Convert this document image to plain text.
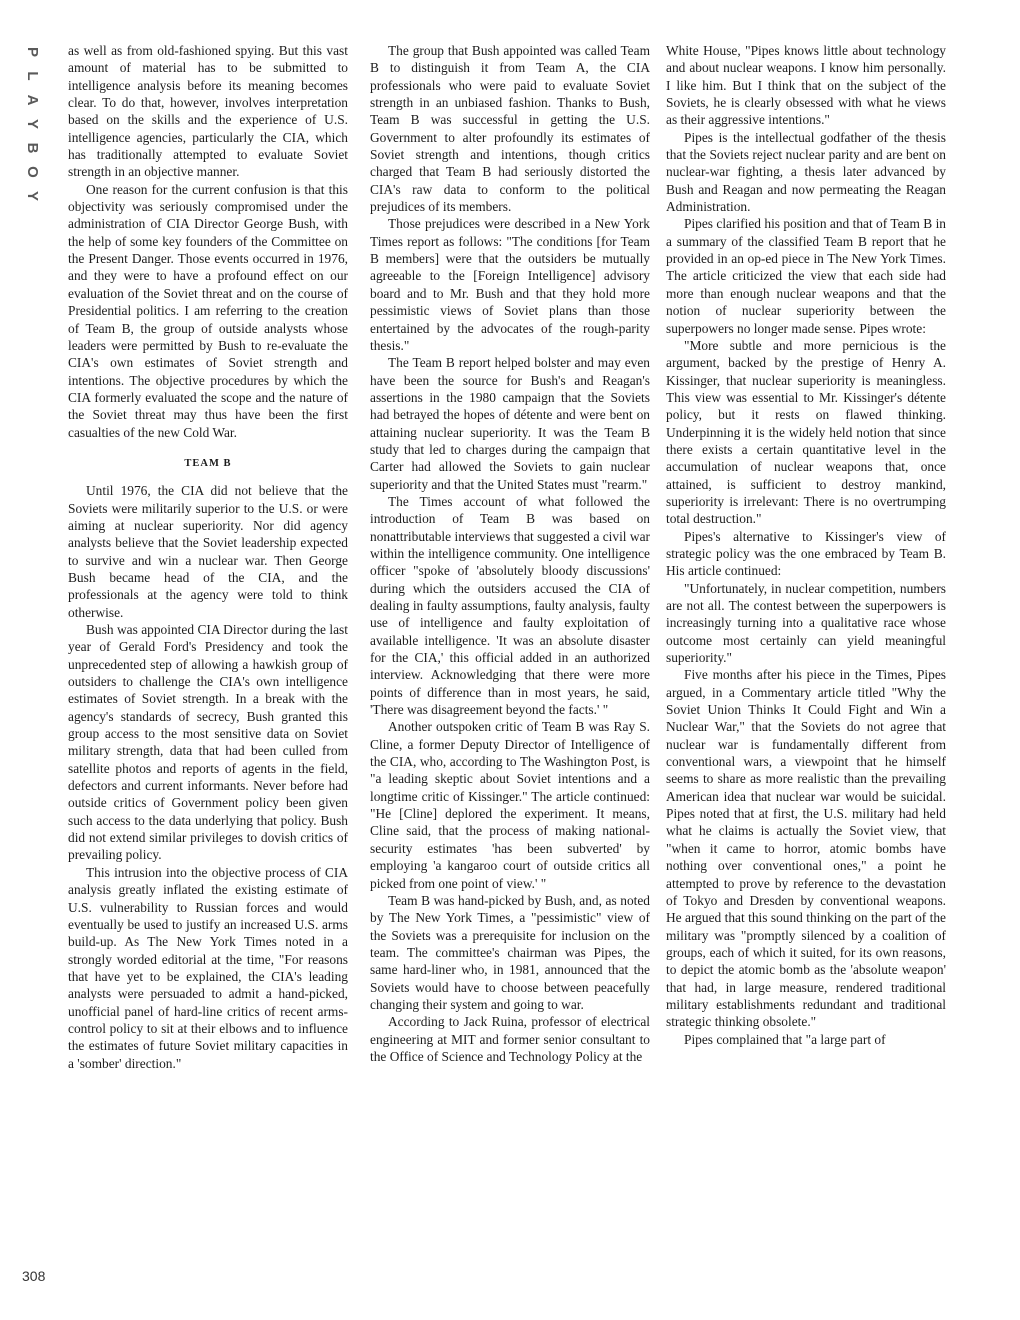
P
L
A
Y
B
O
Y

as well as from old-fashioned spying. But this vast amount of material has to be submitted to intelligence analysis before its meaning becomes clear. To do that, however, involves interpretation based on the skills and the experience of U.S. intelligence agencies, particularly the CIA, which has traditionally attempted to evaluate Soviet strength in an objective manner.

One reason for the current confusion is that this objectivity was seriously compromised under the administration of CIA Director George Bush, with the help of some key founders of the Committee on the Present Danger. Those events occurred in 1976, and they were to have a profound effect on our evaluation of the Soviet threat and on the course of Presidential politics. I am referring to the creation of Team B, the group of outside analysts whose leaders were permitted by Bush to re-evaluate the CIA's own estimates of Soviet strength and intentions. The objective procedures by which the CIA formerly evaluated the scope and the nature of the Soviet threat may thus have been the first casualties of the new Cold War.

TEAM B

Until 1976, the CIA did not believe that the Soviets were militarily superior to the U.S. or were aiming at nuclear superiority. Nor did agency analysts believe that the Soviet leadership expected to survive and win a nuclear war. Then George Bush became head of the CIA, and the professionals at the agency were told to think otherwise.

Bush was appointed CIA Director during the last year of Gerald Ford's Presidency and took the unprecedented step of allowing a hawkish group of outsiders to challenge the CIA's own intelligence estimates of Soviet strength. In a break with the agency's standards of secrecy, Bush granted this group access to the most sensitive data on Soviet military strength, data that had been culled from satellite photos and reports of agents in the field, defectors and current informants. Never before had outside critics of Government policy been given such access to the data underlying that policy. Bush did not extend similar privileges to dovish critics of prevailing policy.

This intrusion into the objective process of CIA analysis greatly inflated the existing estimate of U.S. vulnerability to Russian forces and would eventually be used to justify an increased U.S. arms build-up. As The New York Times noted in a strongly worded editorial at the time, "For reasons that have yet to be explained, the CIA's leading analysts were persuaded to admit a hand-picked, unofficial panel of hard-line critics of recent arms-control policy to sit at their elbows and to influence the estimates of future Soviet military capacities in a 'somber' direction."

The group that Bush appointed was called Team B to distinguish it from Team A, the CIA professionals who were paid to evaluate Soviet strength in an unbiased fashion. Thanks to Bush, Team B was successful in getting the U.S. Government to alter profoundly its estimates of Soviet strength and intentions, though critics charged that Team B had seriously distorted the CIA's raw data to conform to the political prejudices of its members.

Those prejudices were described in a New York Times report as follows: "The conditions [for Team B members] were that the outsiders be mutually agreeable to the [Foreign Intelligence] advisory board and to Mr. Bush and that they hold more pessimistic views of Soviet plans than those entertained by the advocates of the rough-parity thesis."

The Team B report helped bolster and may even have been the source for Bush's and Reagan's assertions in the 1980 campaign that the Soviets had betrayed the hopes of détente and were bent on attaining nuclear superiority. It was the Team B study that led to charges during the campaign that Carter had allowed the Soviets to gain nuclear superiority and that the United States must "rearm."

The Times account of what followed the introduction of Team B was based on nonattributable interviews that suggested a civil war within the intelligence community. One intelligence officer "spoke of 'absolutely bloody discussions' during which the outsiders accused the CIA of dealing in faulty assumptions, faulty analysis, faulty use of intelligence and faulty exploitation of available intelligence. 'It was an absolute disaster for the CIA,' this official added in an authorized interview. Acknowledging that there were more points of difference than in most years, he said, 'There was disagreement beyond the facts.' "

Another outspoken critic of Team B was Ray S. Cline, a former Deputy Director of Intelligence of the CIA, who, according to The Washington Post, is "a leading skeptic about Soviet intentions and a longtime critic of Kissinger." The article continued: "He [Cline] deplored the experiment. It means, Cline said, that the process of making national-security estimates 'has been subverted' by employing 'a kangaroo court of outside critics all picked from one point of view.' "

Team B was hand-picked by Bush, and, as noted by The New York Times, a "pessimistic" view of the Soviets was a prerequisite for inclusion on the team. The committee's chairman was Pipes, the same hard-liner who, in 1981, announced that the Soviets would have to choose between peacefully changing their system and going to war.

According to Jack Ruina, professor of electrical engineering at MIT and former senior consultant to the Office of Science and Technology Policy at the

White House, "Pipes knows little about technology and about nuclear weapons. I know him personally. I like him. But I think that on the subject of the Soviets, he is clearly obsessed with what he views as their aggressive intentions."

Pipes is the intellectual godfather of the thesis that the Soviets reject nuclear parity and are bent on nuclear-war fighting, a thesis later advanced by Bush and Reagan and now permeating the Reagan Administration.

Pipes clarified his position and that of Team B in a summary of the classified Team B report that he provided in an op-ed piece in The New York Times. The article criticized the view that each side had more than enough nuclear weapons and that the notion of nuclear superiority between the superpowers no longer made sense. Pipes wrote:

"More subtle and more pernicious is the argument, backed by the prestige of Henry A. Kissinger, that nuclear superiority is meaningless. This view was essential to Mr. Kissinger's détente policy, but it rests on flawed thinking. Underpinning it is the widely held notion that since there exists a certain quantitative level in the accumulation of nuclear weapons that, once attained, is sufficient to destroy mankind, superiority is irrelevant: There is no overtrumping total destruction."

Pipes's alternative to Kissinger's view of strategic policy was the one embraced by Team B. His article continued:

"Unfortunately, in nuclear competition, numbers are not all. The contest between the superpowers is increasingly turning into a qualitative race whose outcome most certainly can yield meaningful superiority."

Five months after his piece in the Times, Pipes argued, in a Commentary article titled "Why the Soviet Union Thinks It Could Fight and Win a Nuclear War," that the Soviets do not agree that nuclear war is fundamentally different from conventional wars, a viewpoint that he himself seems to share as more realistic than the prevailing American idea that nuclear war would be suicidal. Pipes noted that at first, the U.S. military had held what he claims is actually the Soviet view, that "when it came to horror, atomic bombs have nothing over conventional ones," a point he attempted to prove by reference to the devastation of Tokyo and Dresden by conventional weapons. He argued that this sound thinking on the part of the military was "promptly silenced by a coalition of groups, each of which it suited, for its own reasons, to depict the atomic bomb as the 'absolute weapon' that had, in large measure, rendered traditional military establishments redundant and traditional strategic thinking obsolete."

Pipes complained that "a large part of

308
